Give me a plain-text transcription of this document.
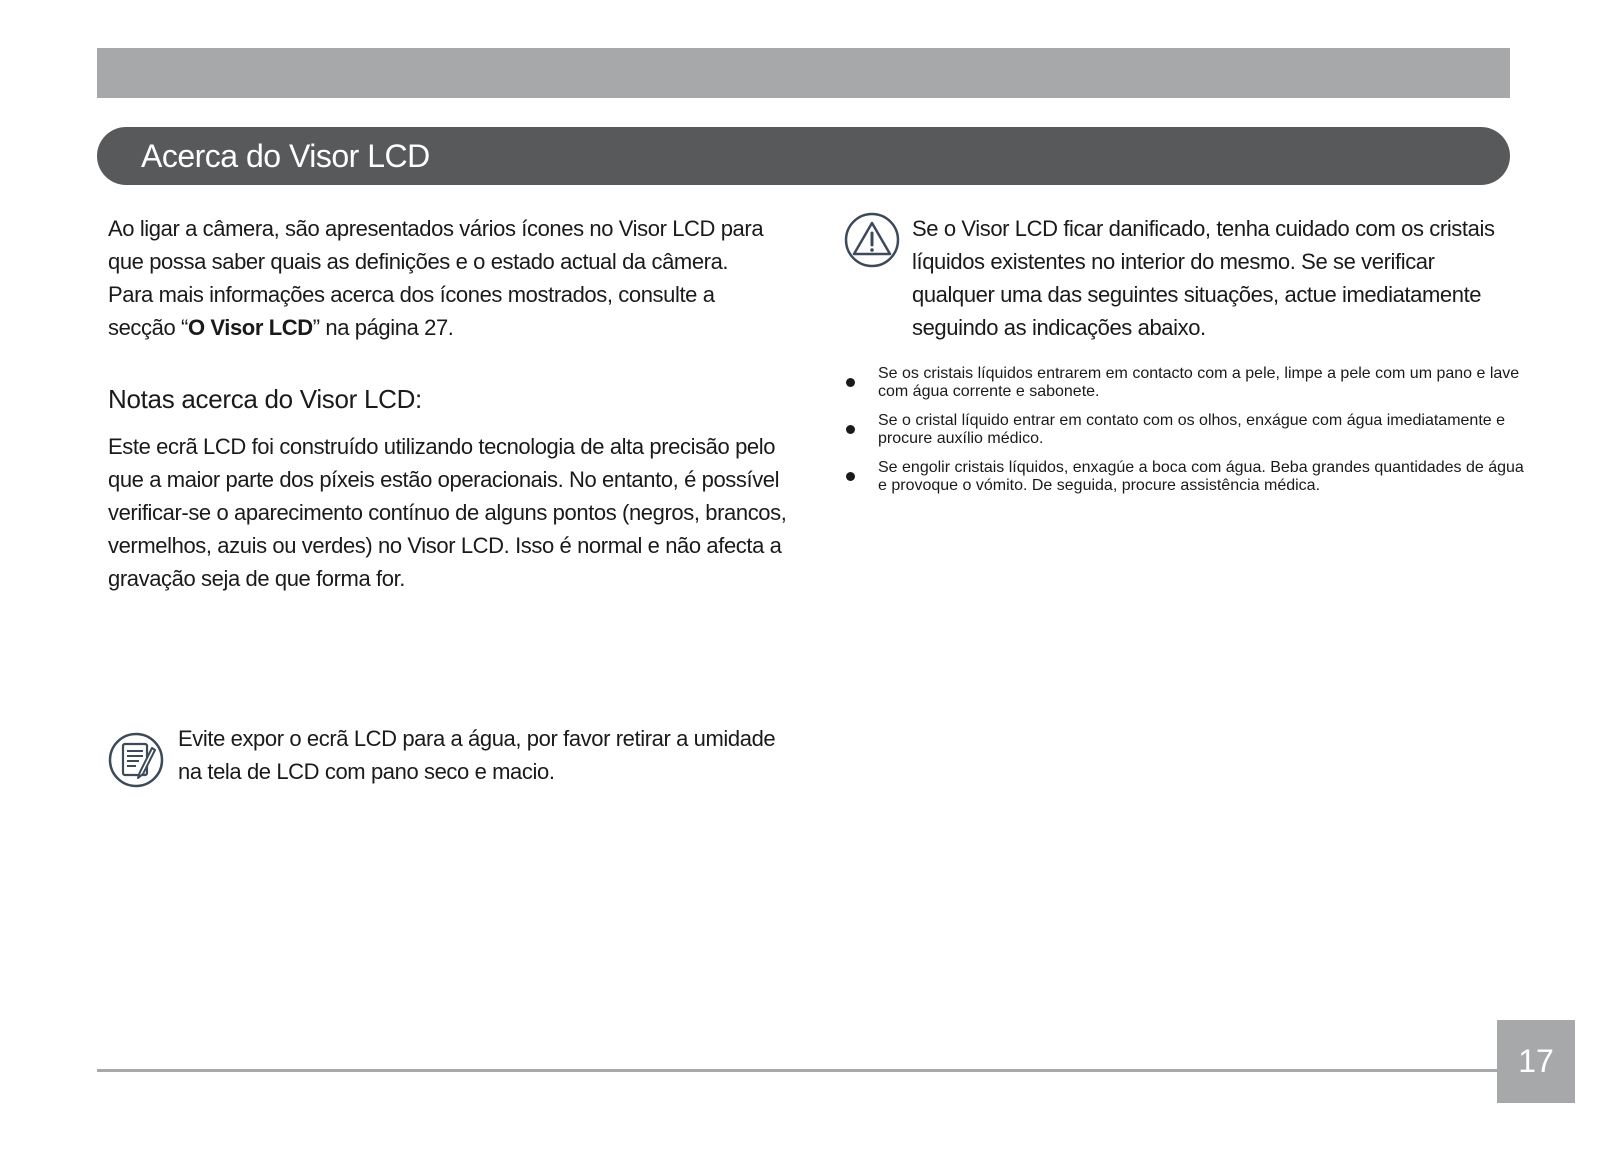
Acerca do Visor LCD

Ao ligar a câmera, são apresentados vários ícones no Visor LCD para que possa saber quais as definições e o estado actual da câmera. Para mais informações acerca dos ícones mostrados, consulte a secção “O Visor LCD” na página 27.

Notas acerca do Visor LCD:

Este ecrã LCD foi construído utilizando tecnologia de alta precisão pelo que a maior parte dos píxeis estão operacionais. No entanto, é possível verificar-se o aparecimento contínuo de alguns pontos (negros, brancos, vermelhos, azuis ou verdes) no Visor LCD. Isso é normal e não afecta a gravação seja de que forma for.

Evite expor o ecrã LCD para a água, por favor retirar a umidade na tela de LCD com pano seco e macio.

Se o Visor LCD ficar danificado, tenha cuidado com os cristais líquidos existentes no interior do mesmo. Se se verificar qualquer uma das seguintes situações, actue imediatamente seguindo as indicações abaixo.

Se os cristais líquidos entrarem em contacto com a pele, limpe a pele com um pano e lave com água corrente e sabonete.
Se o cristal líquido entrar em contato com os olhos, enxágue com água imediatamente e procure auxílio médico.
Se engolir cristais líquidos, enxagúe a boca com água. Beba grandes quantidades de água e provoque o vómito. De seguida, procure assistência médica.
17
